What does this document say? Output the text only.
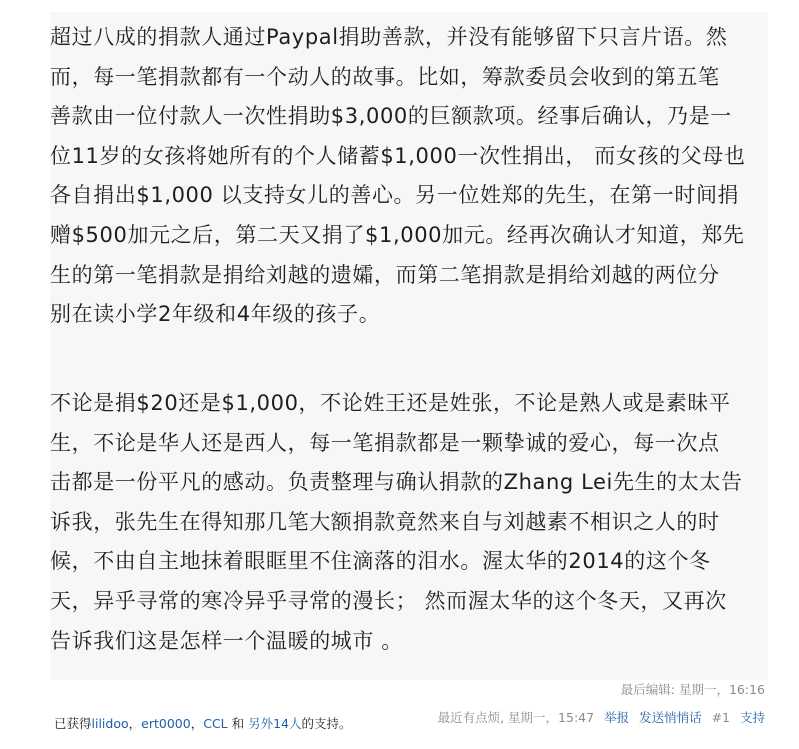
超过八成的捐款人通过Paypal捐助善款，并没有能够留下只言片语。然
而，每一笔捐款都有一个动人的故事。比如，筹款委员会收到的第五笔
善款由一位付款人一次性捐助$3,000的巨额款项。经事后确认，乃是一
位11岁的女孩将她所有的个人储蓄$1,000一次性捐出， 而女孩的父母也
各自捐出$1,000 以支持女儿的善心。另一位姓郑的先生，在第一时间捐
赠$500加元之后，第二天又捐了$1,000加元。经再次确认才知道，郑先
生的第一笔捐款是捐给刘越的遗孀，而第二笔捐款是捐给刘越的两位分
别在读小学2年级和4年级的孩子。

不论是捐$20还是$1,000，不论姓王还是姓张，不论是熟人或是素昧平
生，不论是华人还是西人，每一笔捐款都是一颗挚诚的爱心，每一次点
击都是一份平凡的感动。负责整理与确认捐款的Zhang Lei先生的太太告
诉我，张先生在得知那几笔大额捐款竟然来自与刘越素不相识之人的时
候，不由自主地抹着眼眶里不住滴落的泪水。渥太华的2014的这个冬
天，异乎寻常的寒冷异乎寻常的漫长； 然而渥太华的这个冬天，又再次
告诉我们这是怎样一个温暖的城市 。

最后编辑: 星期一，16:16
已获得lilidoo，ert0000，CCL 和 另外14人的支持。	最近有点烦, 星期一，15:47 举报 发送悄悄话 #1 支持
